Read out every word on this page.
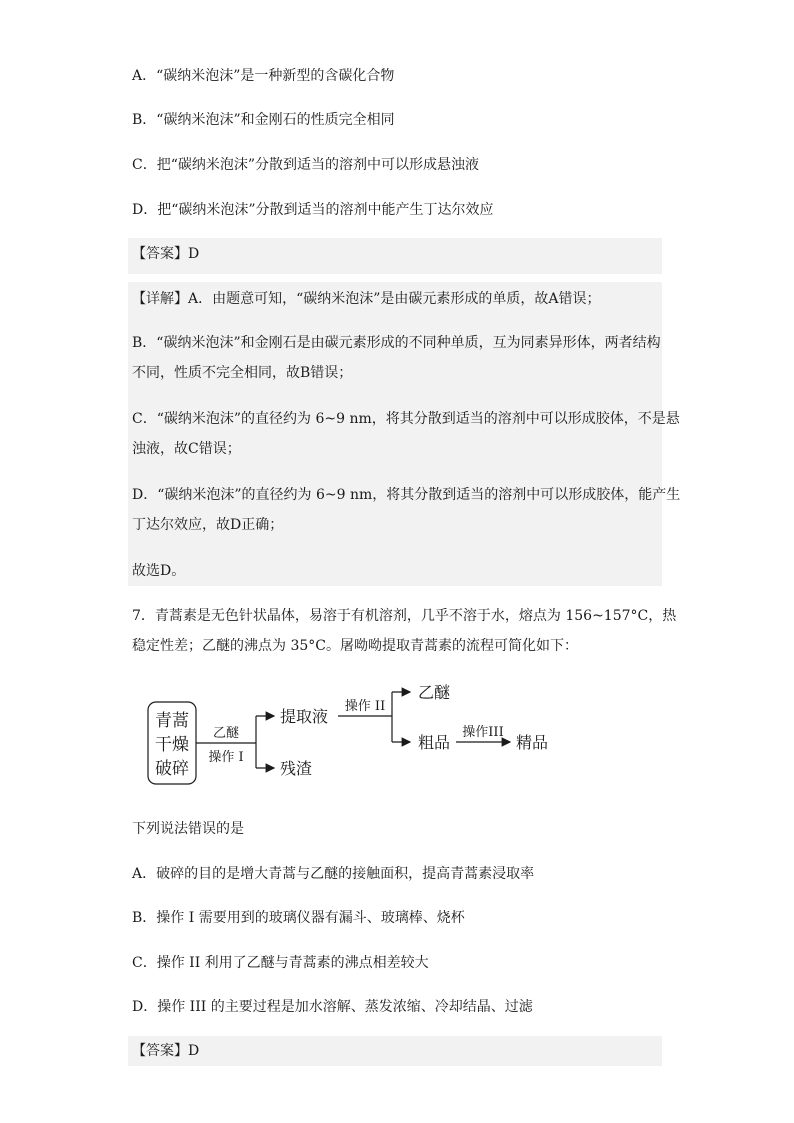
A．“碳纳米泡沫”是一种新型的含碳化合物
B．“碳纳米泡沫”和金刚石的性质完全相同
C．把“碳纳米泡沫”分散到适当的溶剂中可以形成悬浊液
D．把“碳纳米泡沫”分散到适当的溶剂中能产生丁达尔效应
【答案】D
【详解】A．由题意可知，“碳纳米泡沫”是由碳元素形成的单质，故A错误；
B．“碳纳米泡沫”和金刚石是由碳元素形成的不同种单质，互为同素异形体，两者结构
不同，性质不完全相同，故B错误；
C．“碳纳米泡沫”的直径约为 6~9 nm，将其分散到适当的溶剂中可以形成胶体，不是悬
浊液，故C错误；
D．“碳纳米泡沫”的直径约为 6~9 nm，将其分散到适当的溶剂中可以形成胶体，能产生
丁达尔效应，故D正确；
故选D。
7．青蒿素是无色针状晶体，易溶于有机溶剂，几乎不溶于水，熔点为 156~157°C，热
稳定性差；乙醚的沸点为 35°C。屠呦呦提取青蒿素的流程可简化如下：
青蒿
干燥
破碎
乙醚
操作 I
提取液
残渣
操作 II
乙醚
粗品
操作III
精品
下列说法错误的是
A．破碎的目的是增大青蒿与乙醚的接触面积，提高青蒿素浸取率
B．操作 I 需要用到的玻璃仪器有漏斗、玻璃棒、烧杯
C．操作 II 利用了乙醚与青蒿素的沸点相差较大
D．操作 III 的主要过程是加水溶解、蒸发浓缩、冷却结晶、过滤
【答案】D
